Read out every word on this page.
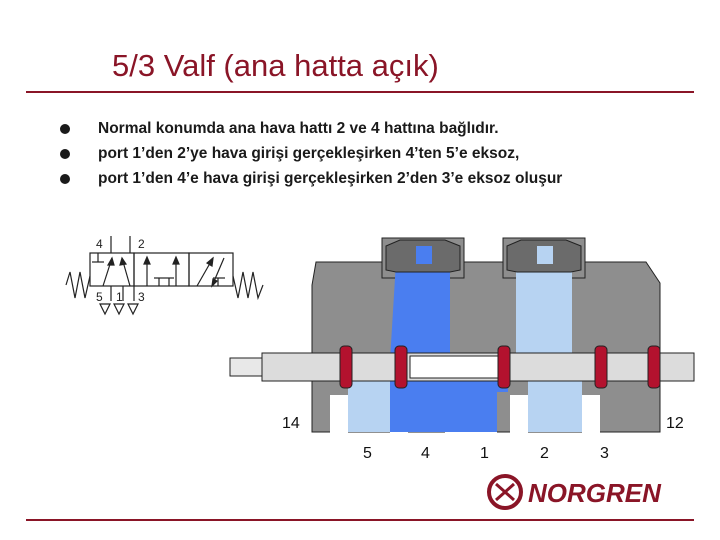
5/3 Valf (ana hatta açık)
Normal konumda ana hava hattı 2 ve 4 hattına bağlıdır.
port 1’den 2’ye hava girişi gerçekleşirken 4’ten 5’e eksoz,
port 1’den 4’e hava girişi gerçekleşirken 2’den 3’e eksoz oluşur
4	2
5 1 3
14	12
5	4	1	2	3
NORGREN
